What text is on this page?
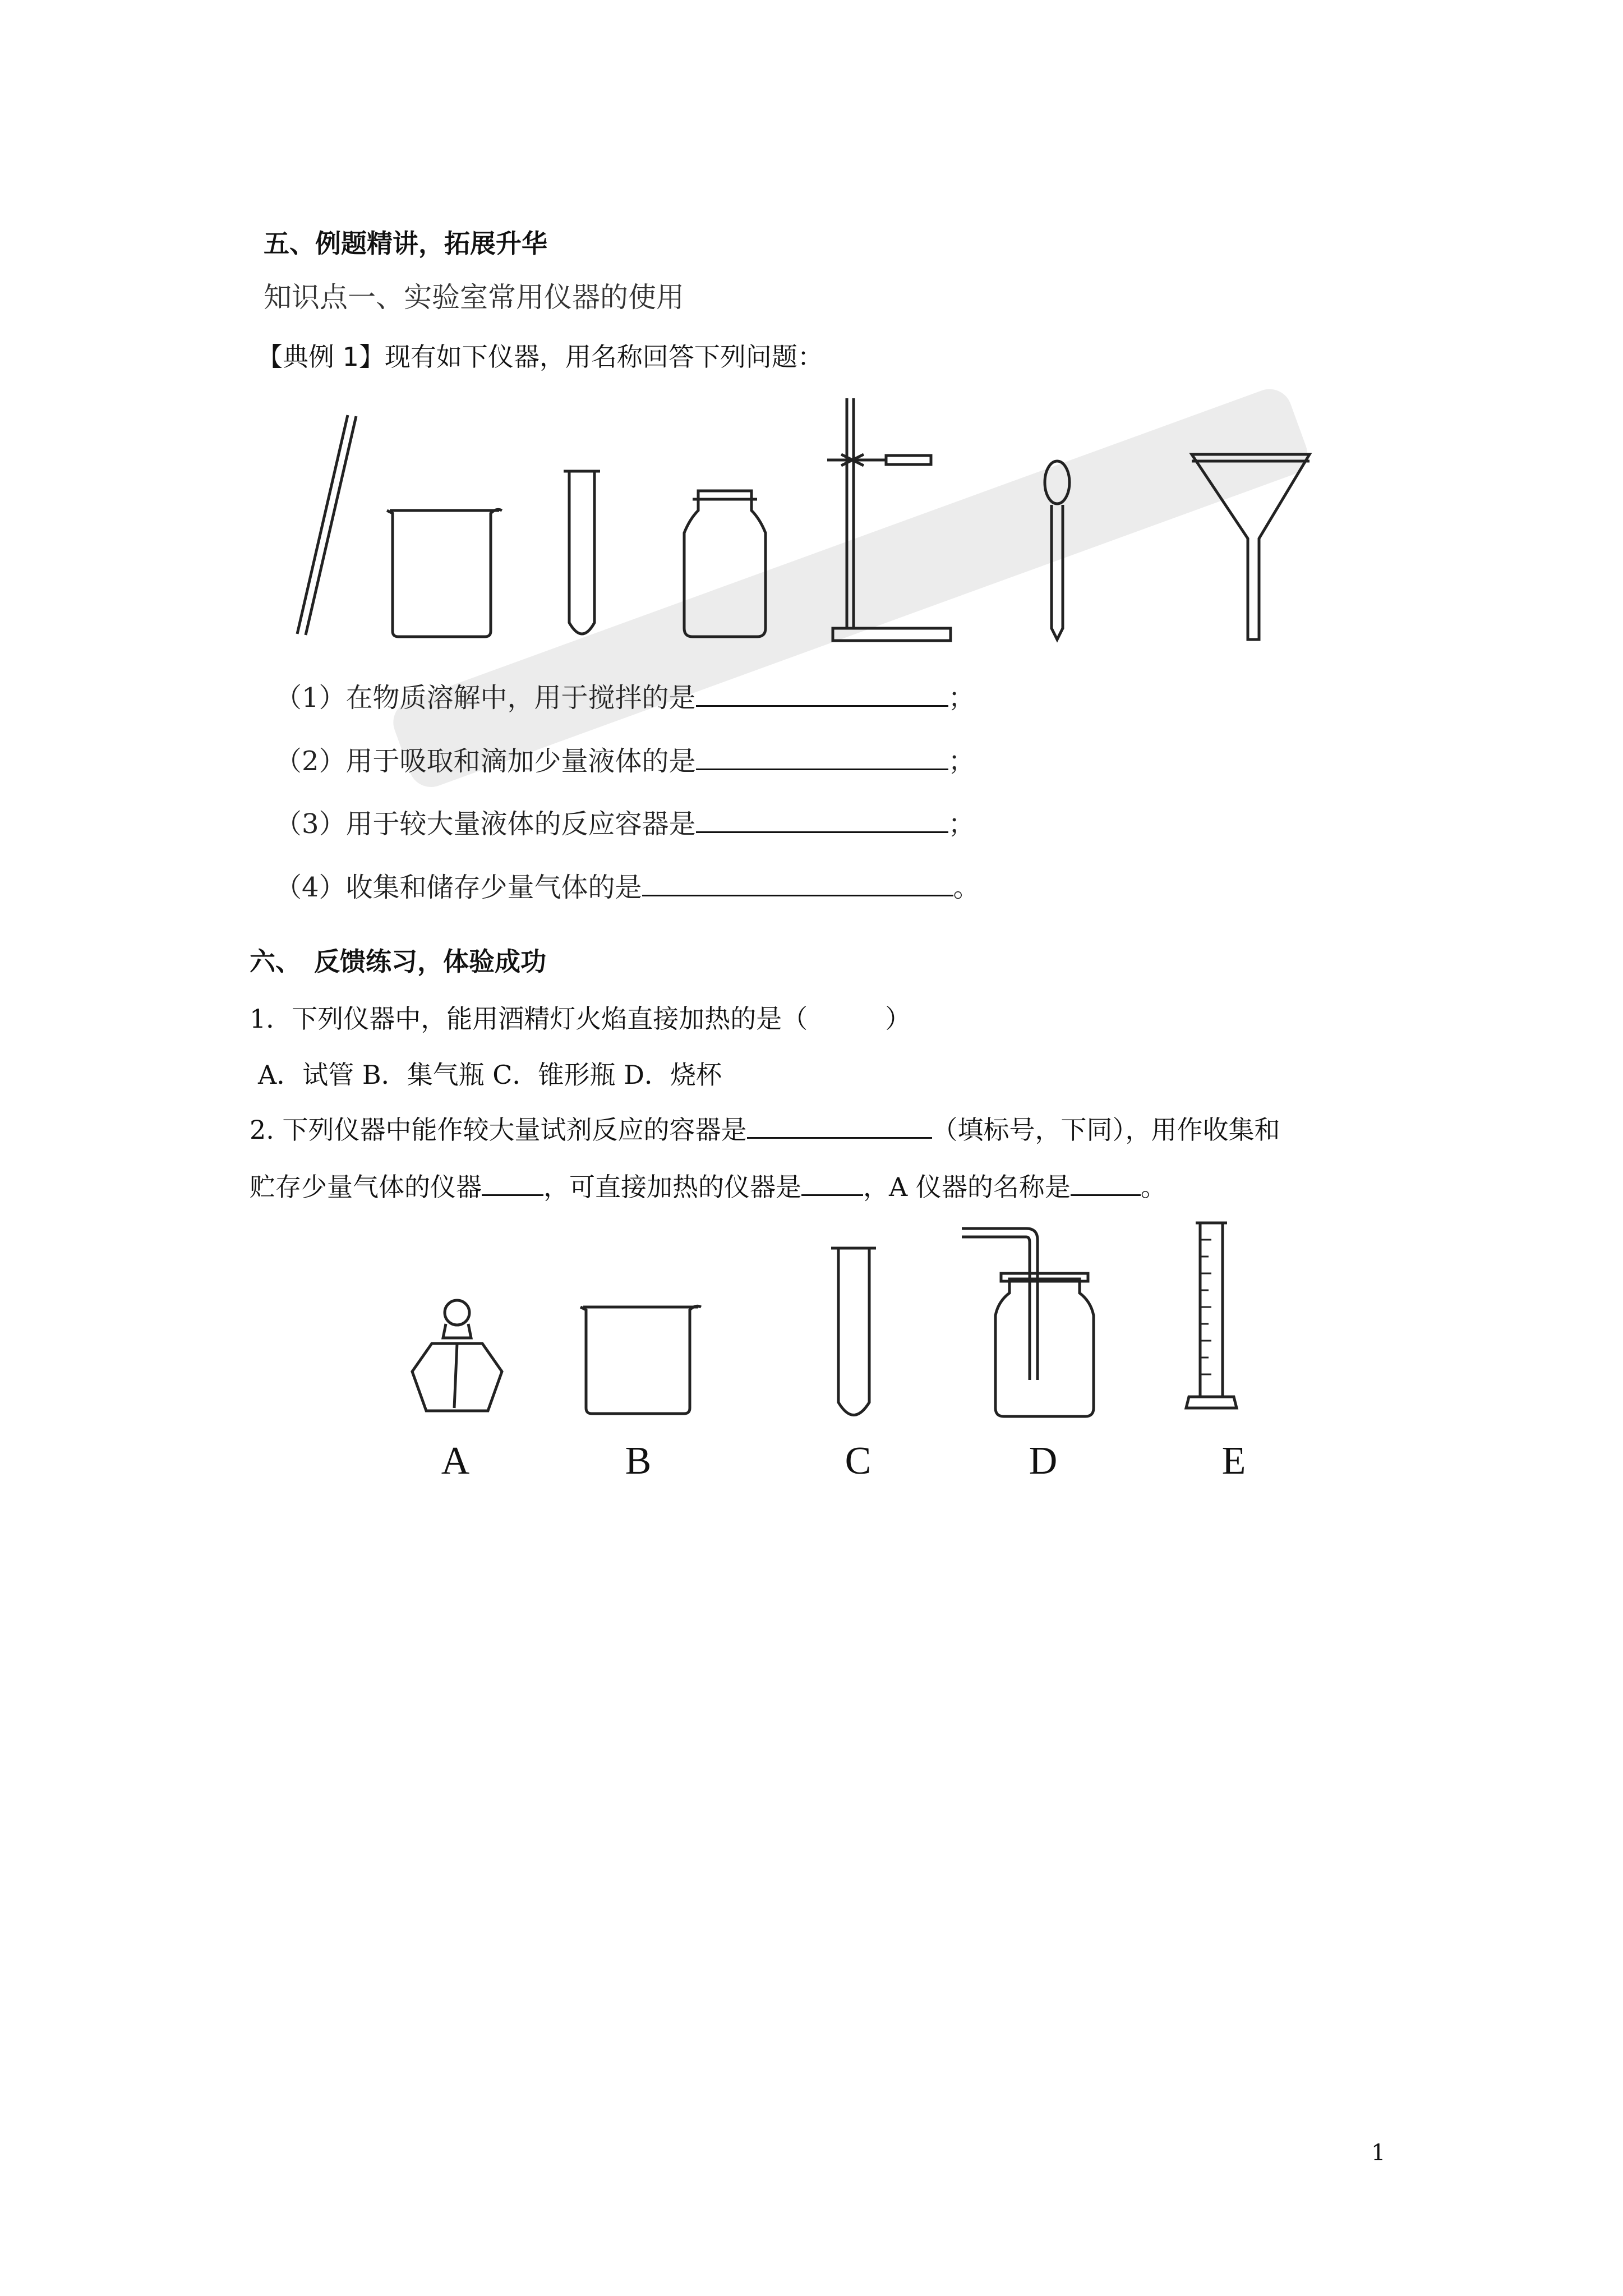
五、例题精讲，拓展升华
知识点一、实验室常用仪器的使用
【典例 1】现有如下仪器，用名称回答下列问题：
（1）在物质溶解中，用于搅拌的是	；
（2）用于吸取和滴加少量液体的是	；
（3）用于较大量液体的反应容器是	；
（4）收集和储存少量气体的是	。
六、　反馈练习，体验成功
1．下列仪器中，能用酒精灯火焰直接加热的是（　　　）
A．试管 B．集气瓶 C．锥形瓶 D．烧杯
2. 下列仪器中能作较大量试剂反应的容器是	（填标号，下同），用作收集和
贮存少量气体的仪器 ，可直接加热的仪器是 ，A 仪器的名称是	。
A	B	C	D	E
1
